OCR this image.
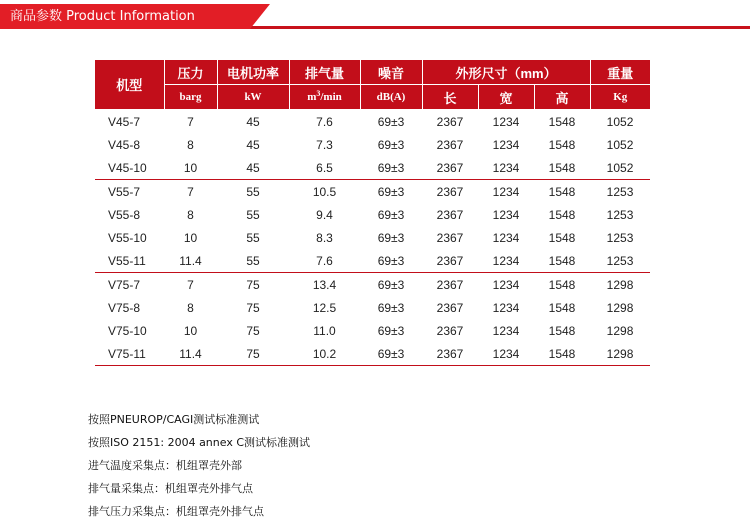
商品参数 Product Information
机型	压力	电机功率	排气量	噪音	外形尺寸（mm）			重量
	barg	kW	$m^3/\min$	dB(A)	长	宽	高	Kg
V45-7	7	45	7.6	69±3	2367	1234	1548	1052
V45-8	8	45	7.3	69±3	2367	1234	1548	1052
V45-10	10	45	6.5	69±3	2367	1234	1548	1052
V55-7	7	55	10.5	69±3	2367	1234	1548	1253
V55-8	8	55	9.4	69±3	2367	1234	1548	1253
V55-10	10	55	8.3	69±3	2367	1234	1548	1253
V55-11	11.4	55	7.6	69±3	2367	1234	1548	1253
V75-7	7	75	13.4	69±3	2367	1234	1548	1298
V75-8	8	75	12.5	69±3	2367	1234	1548	1298
V75-10	10	75	11.0	69±3	2367	1234	1548	1298
V75-11	11.4	75	10.2	69±3	2367	1234	1548	1298
按照PNEUROP/CAGI测试标准测试
按照ISO 2151: 2004 annex C测试标准测试
进气温度采集点：机组罩壳外部
排气量采集点：机组罩壳外排气点
排气压力采集点：机组罩壳外排气点
